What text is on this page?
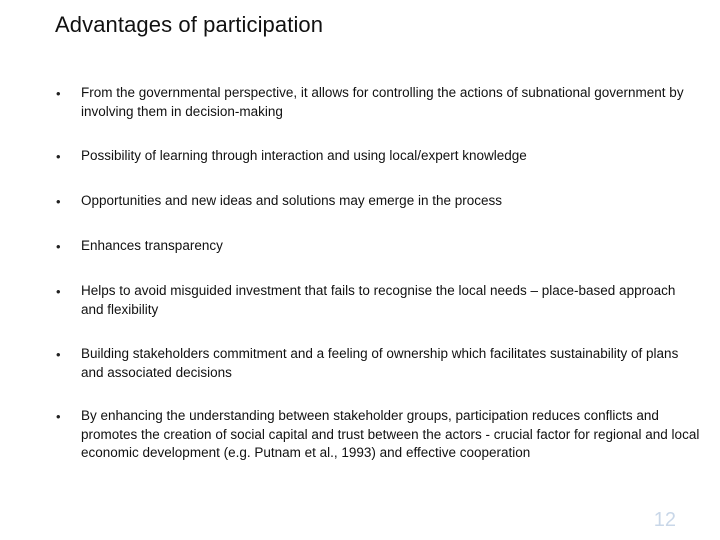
Advantages of participation
• From the governmental perspective, it allows for controlling the actions of subnational government by involving them in decision-making
• Possibility of learning through interaction and using local/expert knowledge
• Opportunities and new ideas and solutions may emerge in the process
• Enhances transparency
• Helps to avoid misguided investment that fails to recognise the local needs – place-based approach and flexibility
• Building stakeholders commitment and a feeling of ownership which facilitates sustainability of plans and associated decisions
• By enhancing the understanding between stakeholder groups, participation reduces conflicts and promotes the creation of social capital and trust between the actors - crucial factor for regional and local economic development (e.g. Putnam et al., 1993) and effective cooperation
12
